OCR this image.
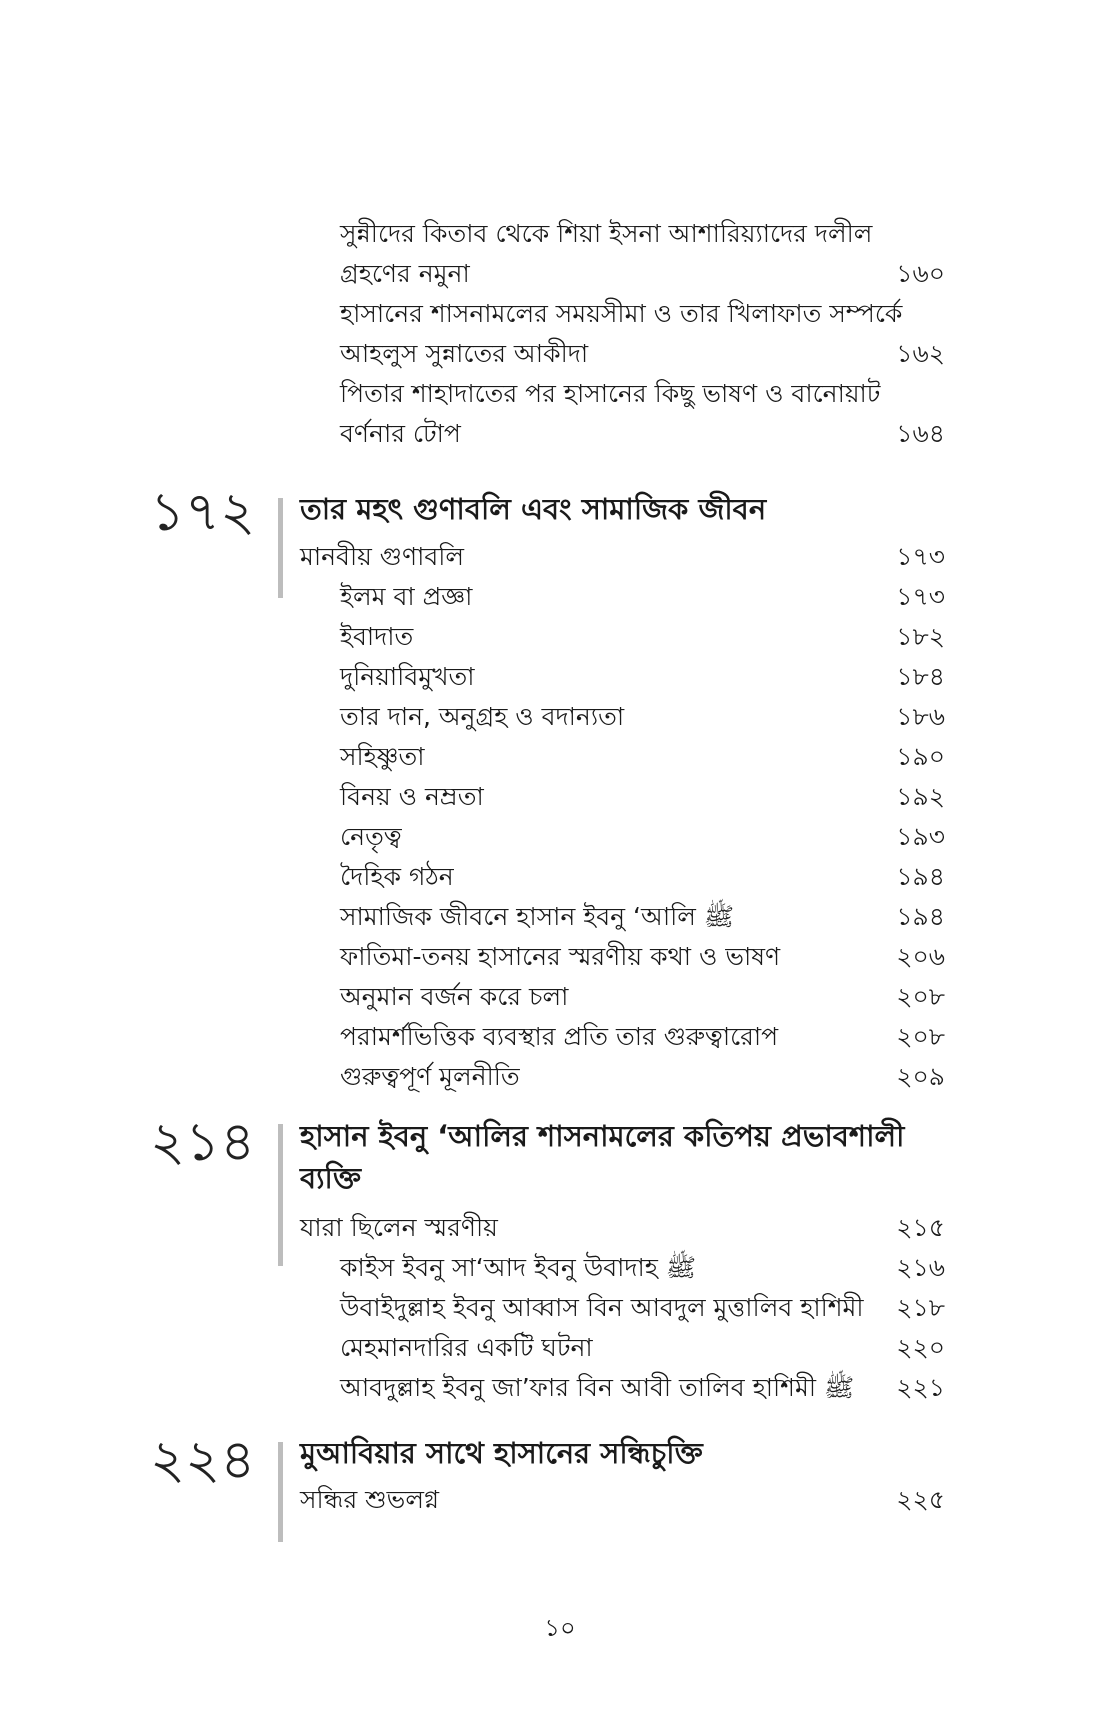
সুন্নীদের কিতাব থেকে শিয়া ইসনা আশারিয়্যাদের দলীল
গ্রহণের নমুনা	১৬০
হাসানের শাসনামলের সময়সীমা ও তার খিলাফাত সম্পর্কে
আহলুস সুন্নাতের আকীদা	১৬২
পিতার শাহাদাতের পর হাসানের কিছু ভাষণ ও বানোয়াট
বর্ণনার টোপ	১৬৪
১৭২ তার মহৎ গুণাবলি এবং সামাজিক জীবন
মানবীয় গুণাবলি	১৭৩
ইলম বা প্রজ্ঞা	১৭৩
ইবাদাত	১৮২
দুনিয়াবিমুখতা	১৮৪
তার দান, অনুগ্রহ ও বদান্যতা	১৮৬
সহিষ্ণুতা	১৯০
বিনয় ও নম্রতা	১৯২
নেতৃত্ব	১৯৩
দৈহিক গঠন	১৯৪
সামাজিক জীবনে হাসান ইবনু ‘আলি ﷺ	১৯৪
ফাতিমা-তনয় হাসানের স্মরণীয় কথা ও ভাষণ	২০৬
অনুমান বর্জন করে চলা	২০৮
পরামর্শভিত্তিক ব্যবস্থার প্রতি তার গুরুত্বারোপ	২০৮
গুরুত্বপূর্ণ মূলনীতি	২০৯
২১৪ হাসান ইবনু ‘আলির শাসনামলের কতিপয় প্রভাবশালী ব্যক্তি
যারা ছিলেন স্মরণীয়	২১৫
কাইস ইবনু সা‘আদ ইবনু উবাদাহ ﷺ	২১৬
উবাইদুল্লাহ ইবনু আব্বাস বিন আবদুল মুত্তালিব হাশিমী ২১৮
মেহমানদারির একটি ঘটনা	২২০
আবদুল্লাহ ইবনু জা’ফার বিন আবী তালিব হাশিমী ﷺ ২২১
২২৪ মুআবিয়ার সাথে হাসানের সন্ধিচুক্তি
সন্ধির শুভলগ্ন	২২৫
১০
